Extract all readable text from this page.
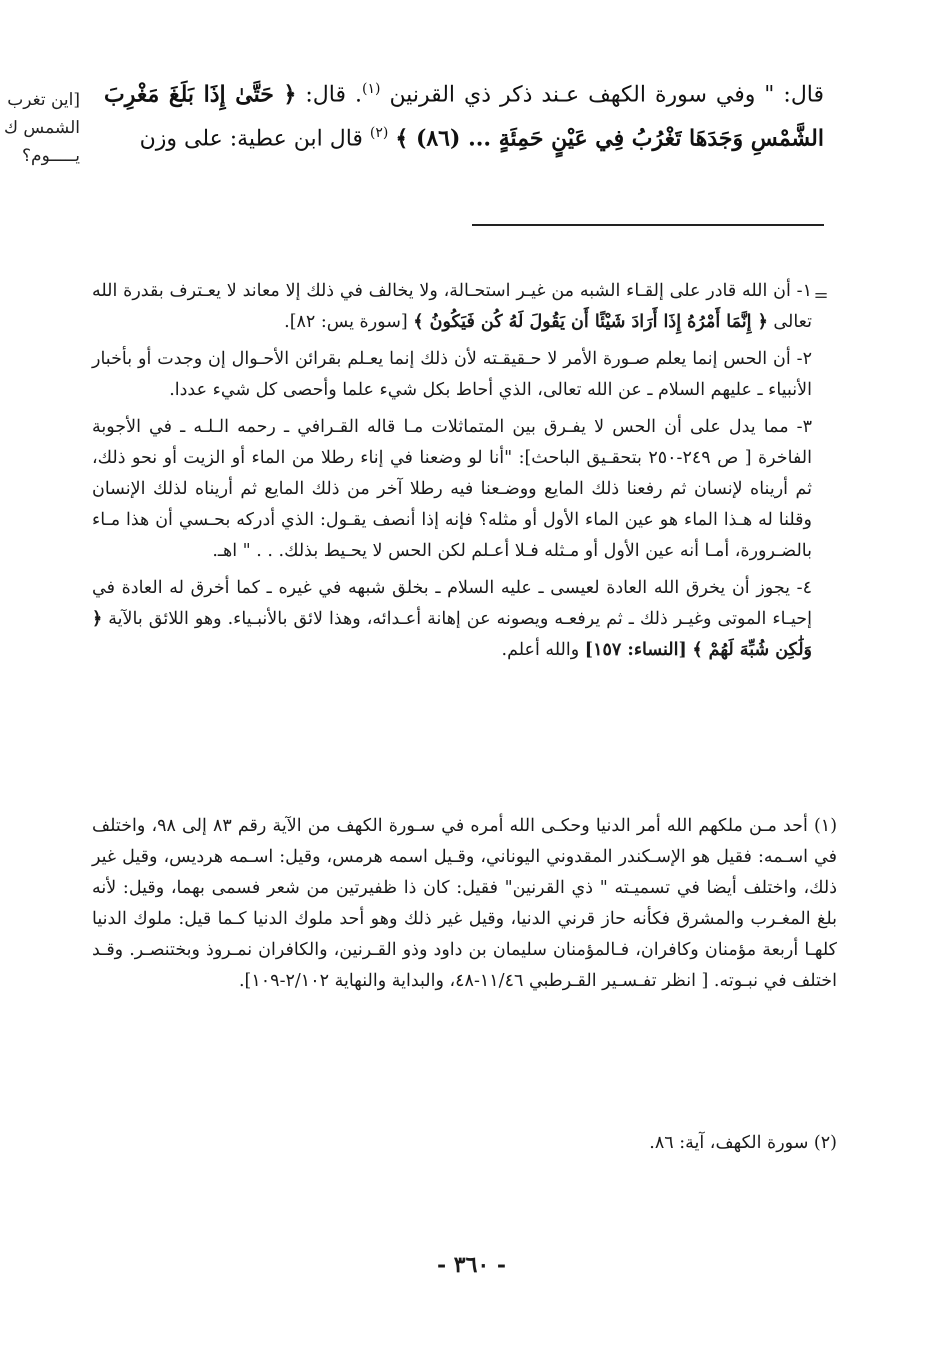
[اين تغرب
الشمس ك
يـــــوم؟
قال: " وفي سورة الكهف عـند ذكر ذي القرنين $^{(١)}$. قال: ﴿ حَتَّىٰ إِذَا بَلَغَ مَغْرِبَ الشَّمْسِ وَجَدَهَا تَغْرُبُ فِي عَيْنٍ حَمِئَةٍ ... (٨٦) ﴾ $^{(٢)}$ قال ابن عطية: على وزن
=
١- أن الله قادر على إلقـاء الشبه من غيـر استحـالة، ولا يخالف في ذلك إلا معاند لا يعـترف بقدرة الله تعالى ﴿ إِنَّمَا أَمْرُهُ إِذَا أَرَادَ شَيْئًا أَن يَقُولَ لَهُ كُن فَيَكُونُ ﴾ [سورة يس: ٨٢].
٢- أن الحس إنما يعلم صـورة الأمر لا حـقيقـته لأن ذلك إنما يعـلم بقرائن الأحـوال إن وجدت أو بأخبار الأنبياء ـ عليهم السلام ـ عن الله تعالى، الذي أحاط بكل شيء علما وأحصى كل شيء عددا.
٣- مما يدل على أن الحس لا يفـرق بين المتماثلات مـا قاله القـرافي ـ رحمه الـلـه ـ في الأجوبة الفاخرة [ ص ٢٤٩-٢٥٠ بتحقـيق الباحث]: "أنا لو وضعنا في إناء رطلا من الماء أو الزيت أو نحو ذلك، ثم أريناه لإنسان ثم رفعنا ذلك المايع ووضـعنا فيه رطلا آخر من ذلك المايع ثم أريناه لذلك الإنسان وقلنا له هـذا الماء هو عين الماء الأول أو مثله؟ فإنه إذا أنصف يقـول: الذي أدركه بحـسي أن هذا مـاء بالضـرورة، أمـا أنه عين الأول أو مـثله فـلا أعـلم لكن الحس لا يحـيط بذلك. . . " اهـ.
٤- يجوز أن يخرق الله العادة لعيسى ـ عليه السلام ـ بخلق شبهه في غيره ـ كما أخرق له العادة في إحيـاء الموتى وغيـر ذلك ـ ثم يرفعـه ويصونه عن إهانة أعـدائه، وهذا لائق بالأنبـياء. وهو اللائق بالآية ﴿ وَلَٰكِن شُبِّهَ لَهُمْ ﴾ [النساء: ١٥٧] والله أعلم.
(١) أحد مـن ملكهم الله أمر الدنيا وحكـى الله أمره في سـورة الكهف من الآية رقم ٨٣ إلى ٩٨، واختلف في اسـمه: فقيل هو الإسـكندر المقدوني اليوناني، وقـيل اسمه هرمس، وقيل: اسـمه هرديس، وقيل غير ذلك، واختلف أيضا في تسميـته " ذي القرنين" فقيل: كان ذا ظفيرتين من شعر فسمى بهما، وقيل: لأنه بلغ المغـرب والمشرق فكأنه حاز قرني الدنيا، وقيل غير ذلك وهو أحد ملوك الدنيا كـما قيل: ملوك الدنيا كلهـا أربعة مؤمنان وكافران، فـالمؤمنان سليمان بن داود وذو القـرنين، والكافران نمـروذ وبختنصـر. وقـد اختلف في نبـوته. [ انظر تفـسـير القـرطبي ١١/٤٦-٤٨، والبداية والنهاية ٢/١٠٢-١٠٩].
(٢) سورة الكهف، آية: ٨٦.
- ٣٦٠ -
